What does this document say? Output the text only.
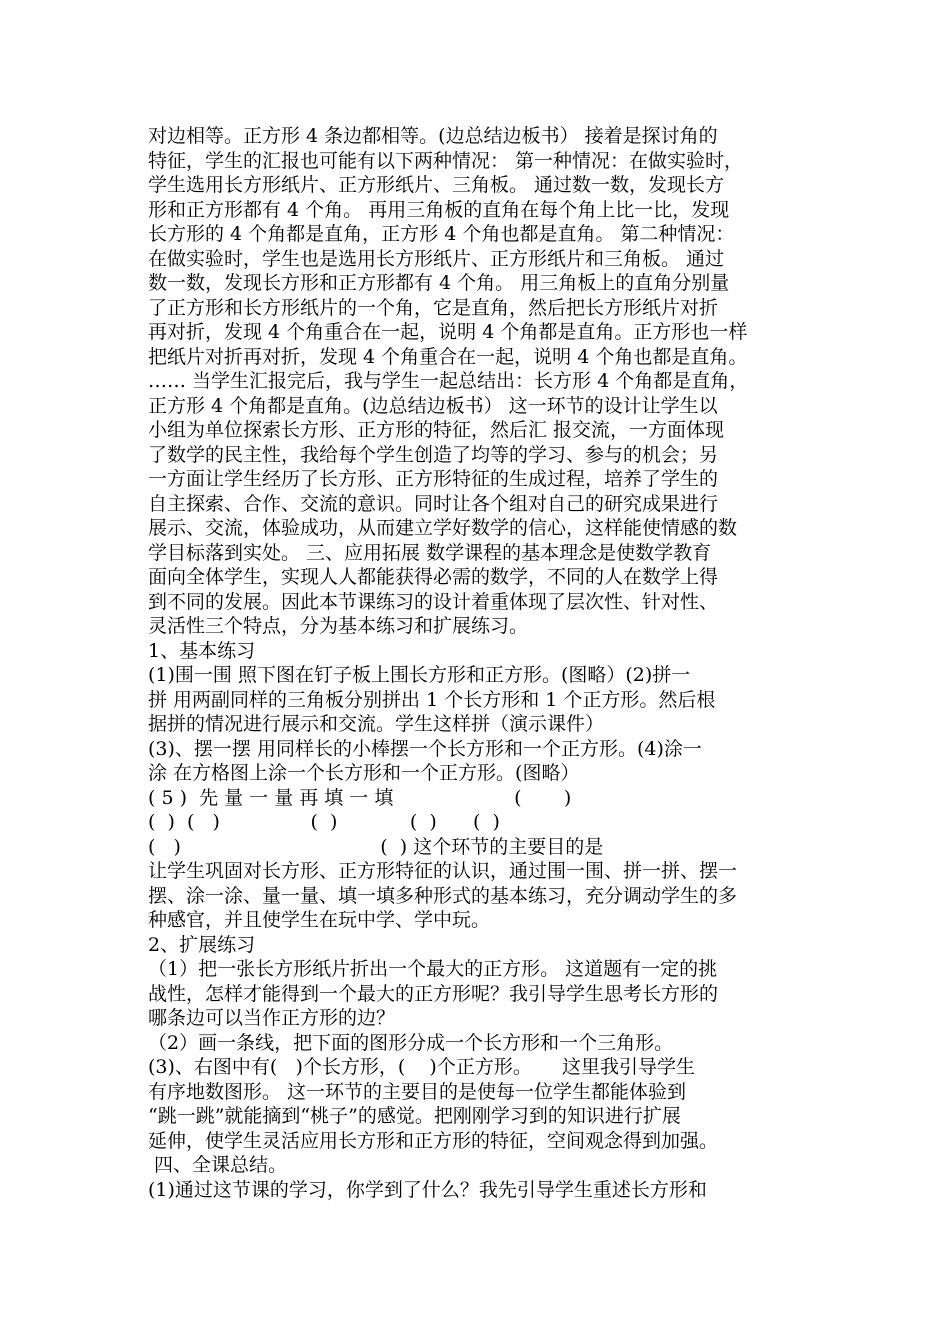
对边相等。正方形 4 条边都相等。(边总结边板书） 接着是探讨角的
特征，学生的汇报也可能有以下两种情况： 第一种情况：在做实验时，
学生选用长方形纸片、正方形纸片、三角板。 通过数一数，发现长方
形和正方形都有 4 个角。 再用三角板的直角在每个角上比一比，发现
长方形的 4 个角都是直角，正方形 4 个角也都是直角。 第二种情况：
在做实验时，学生也是选用长方形纸片、正方形纸片和三角板。 通过
数一数，发现长方形和正方形都有 4 个角。 用三角板上的直角分别量
了正方形和长方形纸片的一个角，它是直角，然后把长方形纸片对折
再对折，发现 4 个角重合在一起，说明 4 个角都是直角。正方形也一样
把纸片对折再对折，发现 4 个角重合在一起，说明 4 个角也都是直角。
…… 当学生汇报完后，我与学生一起总结出：长方形 4 个角都是直角，
正方形 4 个角都是直角。(边总结边板书） 这一环节的设计让学生以
小组为单位探索长方形、正方形的特征，然后汇 报交流，一方面体现
了数学的民主性，我给每个学生创造了均等的学习、参与的机会；另
一方面让学生经历了长方形、正方形特征的生成过程，培养了学生的
自主探索、合作、交流的意识。同时让各个组对自己的研究成果进行
展示、交流，体验成功，从而建立学好数学的信心，这样能使情感的数
学目标落到实处。 三、应用拓展 数学课程的基本理念是使数学教育
面向全体学生，实现人人都能获得必需的数学，不同的人在数学上得
到不同的发展。因此本节课练习的设计着重体现了层次性、针对性、
灵活性三个特点，分为基本练习和扩展练习。
1、基本练习
(1)围一围 照下图在钉子板上围长方形和正方形。(图略）(2)拼一
拼 用两副同样的三角板分别拼出 1 个长方形和 1 个正方形。然后根
据拼的情况进行展示和交流。学生这样拼（演示课件）
(3)、摆一摆 用同样长的小棒摆一个长方形和一个正方形。(4)涂一
涂 在方格图上涂一个长方形和一个正方形。(图略）
( 5 )  先 量 一 量 再 填 一 填                    (       )
(  )  (   )               (  )            (  )      (  )
(   )                                 (  ) 这个环节的主要目的是
让学生巩固对长方形、正方形特征的认识，通过围一围、拼一拼、摆一
摆、涂一涂、量一量、填一填多种形式的基本练习，充分调动学生的多
种感官，并且使学生在玩中学、学中玩。
2、扩展练习
（1）把一张长方形纸片折出一个最大的正方形。 这道题有一定的挑
战性，怎样才能得到一个最大的正方形呢？我引导学生思考长方形的
哪条边可以当作正方形的边？
（2）画一条线，把下面的图形分成一个长方形和一个三角形。
(3)、右图中有(   )个长方形，(    )个正方形。     这里我引导学生
有序地数图形。 这一环节的主要目的是使每一位学生都能体验到
“跳一跳”就能摘到“桃子”的感觉。把刚刚学习到的知识进行扩展
延伸，使学生灵活应用长方形和正方形的特征，空间观念得到加强。
四、全课总结。
(1)通过这节课的学习，你学到了什么？我先引导学生重述长方形和
